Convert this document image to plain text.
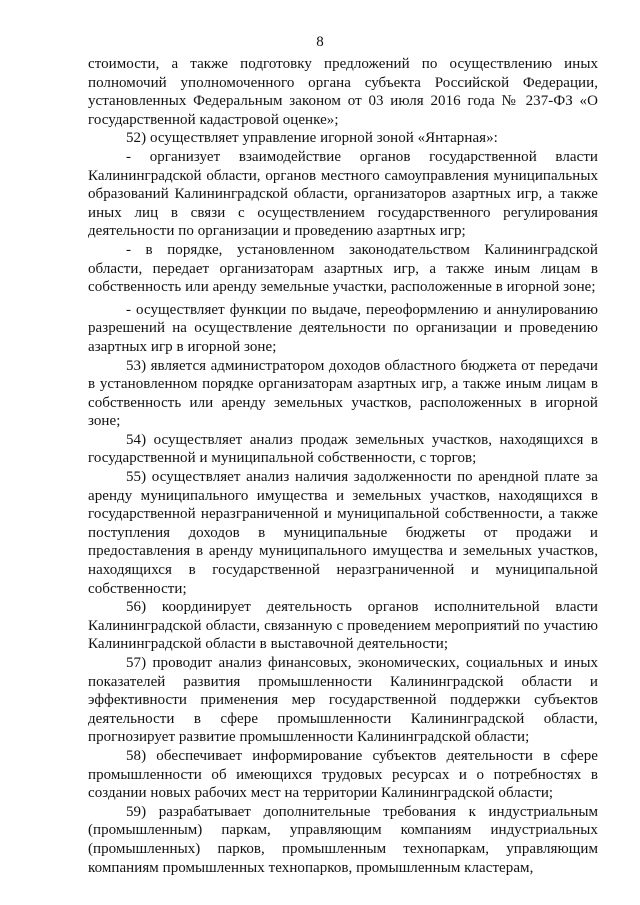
8

стоимости, а также подготовку предложений по осуществлению иных полномочий уполномоченного органа субъекта Российской Федерации, установленных Федеральным законом от 03 июля 2016 года № 237-ФЗ «О государственной кадастровой оценке»;

52) осуществляет управление игорной зоной «Янтарная»:

- организует взаимодействие органов государственной власти Калининградской области, органов местного самоуправления муниципальных образований Калининградской области, организаторов азартных игр, а также иных лиц в связи с осуществлением государственного регулирования деятельности по организации и проведению азартных игр;

- в порядке, установленном законодательством Калининградской области, передает организаторам азартных игр, а также иным лицам в собственность или аренду земельные участки, расположенные в игорной зоне;

- осуществляет функции по выдаче, переоформлению и аннулированию разрешений на осуществление деятельности по организации и проведению азартных игр в игорной зоне;

53) является администратором доходов областного бюджета от передачи в установленном порядке организаторам азартных игр, а также иным лицам в собственность или аренду земельных участков, расположенных в игорной зоне;

54) осуществляет анализ продаж земельных участков, находящихся в государственной и муниципальной собственности, с торгов;

55) осуществляет анализ наличия задолженности по арендной плате за аренду муниципального имущества и земельных участков, находящихся в государственной неразграниченной и муниципальной собственности, а также поступления доходов в муниципальные бюджеты от продажи и предоставления в аренду муниципального имущества и земельных участков, находящихся в государственной неразграниченной и муниципальной собственности;

56) координирует деятельность органов исполнительной власти Калининградской области, связанную с проведением мероприятий по участию Калининградской области в выставочной деятельности;

57) проводит анализ финансовых, экономических, социальных и иных показателей развития промышленности Калининградской области и эффективности применения мер государственной поддержки субъектов деятельности в сфере промышленности Калининградской области, прогнозирует развитие промышленности Калининградской области;

58) обеспечивает информирование субъектов деятельности в сфере промышленности об имеющихся трудовых ресурсах и о потребностях в создании новых рабочих мест на территории Калининградской области;

59) разрабатывает дополнительные требования к индустриальным (промышленным) паркам, управляющим компаниям индустриальных (промышленных) парков, промышленным технопаркам, управляющим компаниям промышленных технопарков, промышленным кластерам,
